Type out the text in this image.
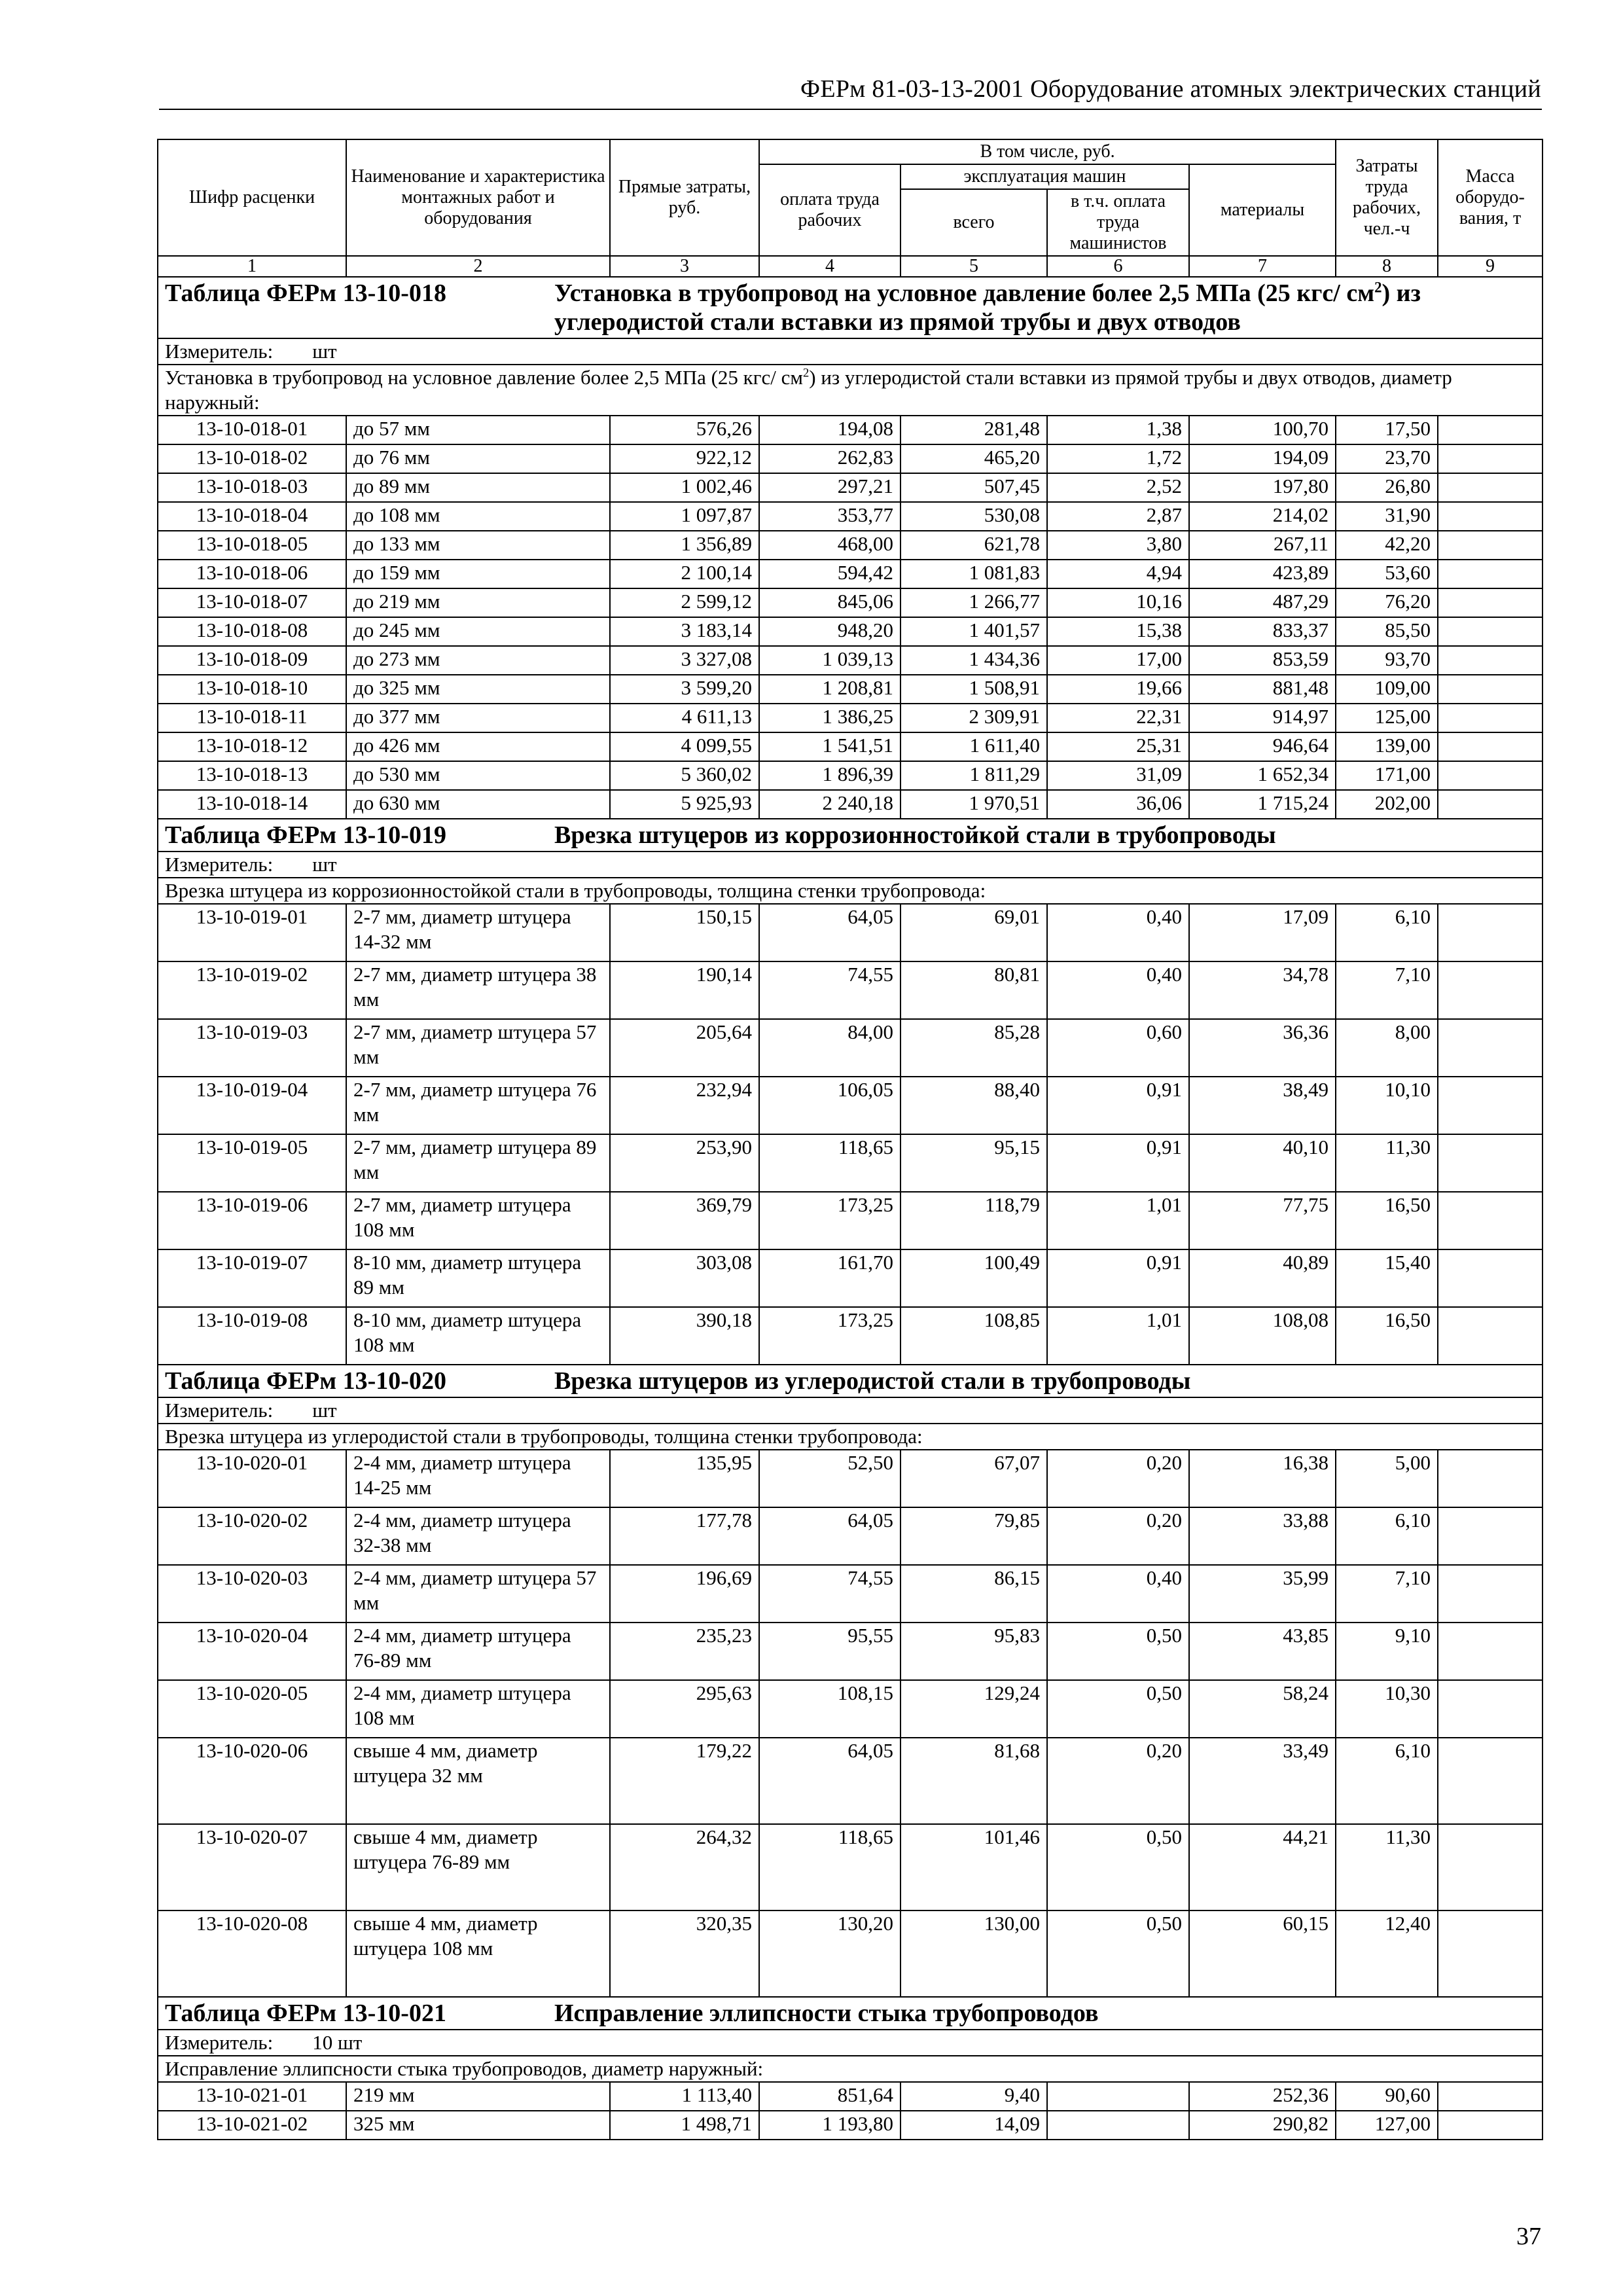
ФЕРм 81-03-13-2001 Оборудование атомных электрических станций
Шифр расценки	Наименование и характеристика монтажных работ и оборудования	Прямые затраты, руб.	В том числе, руб.				Затраты труда рабочих, чел.-ч	Масса оборудо-вания, т
			оплата труда рабочих	эксплуатация машин		материалы		
				всего	в т.ч. оплата труда машинистов			
1	2	3	4	5	6	7	8	9

Таблица ФЕРм 13-10-018 Установка в трубопровод на условное давление более 2,5 МПа (25 кгс/ $см^2$) из углеродистой стали вставки из прямой трубы и двух отводов								

Измеритель: шт								
Установка в трубопровод на условное давление более 2,5 МПа (25 кгс/ $см^2$) из углеродистой стали вставки из прямой трубы и двух отводов, диаметр наружный:								
13-10-018-01	до 57 мм	576,26	194,08	281,48	1,38	100,70	17,50	
13-10-018-02	до 76 мм	922,12	262,83	465,20	1,72	194,09	23,70	
13-10-018-03	до 89 мм	1 002,46	297,21	507,45	2,52	197,80	26,80	
13-10-018-04	до 108 мм	1 097,87	353,77	530,08	2,87	214,02	31,90	
13-10-018-05	до 133 мм	1 356,89	468,00	621,78	3,80	267,11	42,20	
13-10-018-06	до 159 мм	2 100,14	594,42	1 081,83	4,94	423,89	53,60	
13-10-018-07	до 219 мм	2 599,12	845,06	1 266,77	10,16	487,29	76,20	
13-10-018-08	до 245 мм	3 183,14	948,20	1 401,57	15,38	833,37	85,50	
13-10-018-09	до 273 мм	3 327,08	1 039,13	1 434,36	17,00	853,59	93,70	
13-10-018-10	до 325 мм	3 599,20	1 208,81	1 508,91	19,66	881,48	109,00	
13-10-018-11	до 377 мм	4 611,13	1 386,25	2 309,91	22,31	914,97	125,00	
13-10-018-12	до 426 мм	4 099,55	1 541,51	1 611,40	25,31	946,64	139,00	
13-10-018-13	до 530 мм	5 360,02	1 896,39	1 811,29	31,09	1 652,34	171,00	
13-10-018-14	до 630 мм	5 925,93	2 240,18	1 970,51	36,06	1 715,24	202,00	

Таблица ФЕРм 13-10-019 Врезка штуцеров из коррозионностойкой стали в трубопроводы								

Измеритель: шт								
Врезка штуцера из коррозионностойкой стали в трубопроводы, толщина стенки трубопровода:								
13-10-019-01	2-7 мм, диаметр штуцера 14-32 мм	150,15	64,05	69,01	0,40	17,09	6,10	
13-10-019-02	2-7 мм, диаметр штуцера 38 мм	190,14	74,55	80,81	0,40	34,78	7,10	
13-10-019-03	2-7 мм, диаметр штуцера 57 мм	205,64	84,00	85,28	0,60	36,36	8,00	
13-10-019-04	2-7 мм, диаметр штуцера 76 мм	232,94	106,05	88,40	0,91	38,49	10,10	
13-10-019-05	2-7 мм, диаметр штуцера 89 мм	253,90	118,65	95,15	0,91	40,10	11,30	
13-10-019-06	2-7 мм, диаметр штуцера 108 мм	369,79	173,25	118,79	1,01	77,75	16,50	
13-10-019-07	8-10 мм, диаметр штуцера 89 мм	303,08	161,70	100,49	0,91	40,89	15,40	
13-10-019-08	8-10 мм, диаметр штуцера 108 мм	390,18	173,25	108,85	1,01	108,08	16,50	

Таблица ФЕРм 13-10-020 Врезка штуцеров из углеродистой стали в трубопроводы								

Измеритель: шт								
Врезка штуцера из углеродистой стали в трубопроводы, толщина стенки трубопровода:								
13-10-020-01	2-4 мм, диаметр штуцера 14-25 мм	135,95	52,50	67,07	0,20	16,38	5,00	
13-10-020-02	2-4 мм, диаметр штуцера 32-38 мм	177,78	64,05	79,85	0,20	33,88	6,10	
13-10-020-03	2-4 мм, диаметр штуцера 57 мм	196,69	74,55	86,15	0,40	35,99	7,10	
13-10-020-04	2-4 мм, диаметр штуцера 76-89 мм	235,23	95,55	95,83	0,50	43,85	9,10	
13-10-020-05	2-4 мм, диаметр штуцера 108 мм	295,63	108,15	129,24	0,50	58,24	10,30	
13-10-020-06	свыше 4 мм, диаметр штуцера 32 мм	179,22	64,05	81,68	0,20	33,49	6,10	
13-10-020-07	свыше 4 мм, диаметр штуцера 76-89 мм	264,32	118,65	101,46	0,50	44,21	11,30	
13-10-020-08	свыше 4 мм, диаметр штуцера 108 мм	320,35	130,20	130,00	0,50	60,15	12,40	

Таблица ФЕРм 13-10-021 Исправление эллипсности стыка трубопроводов								

Измеритель: 10 шт								
Исправление эллипсности стыка трубопроводов, диаметр наружный:								
13-10-021-01	219 мм	1 113,40	851,64	9,40		252,36	90,60	
13-10-021-02	325 мм	1 498,71	1 193,80	14,09		290,82	127,00	
37
